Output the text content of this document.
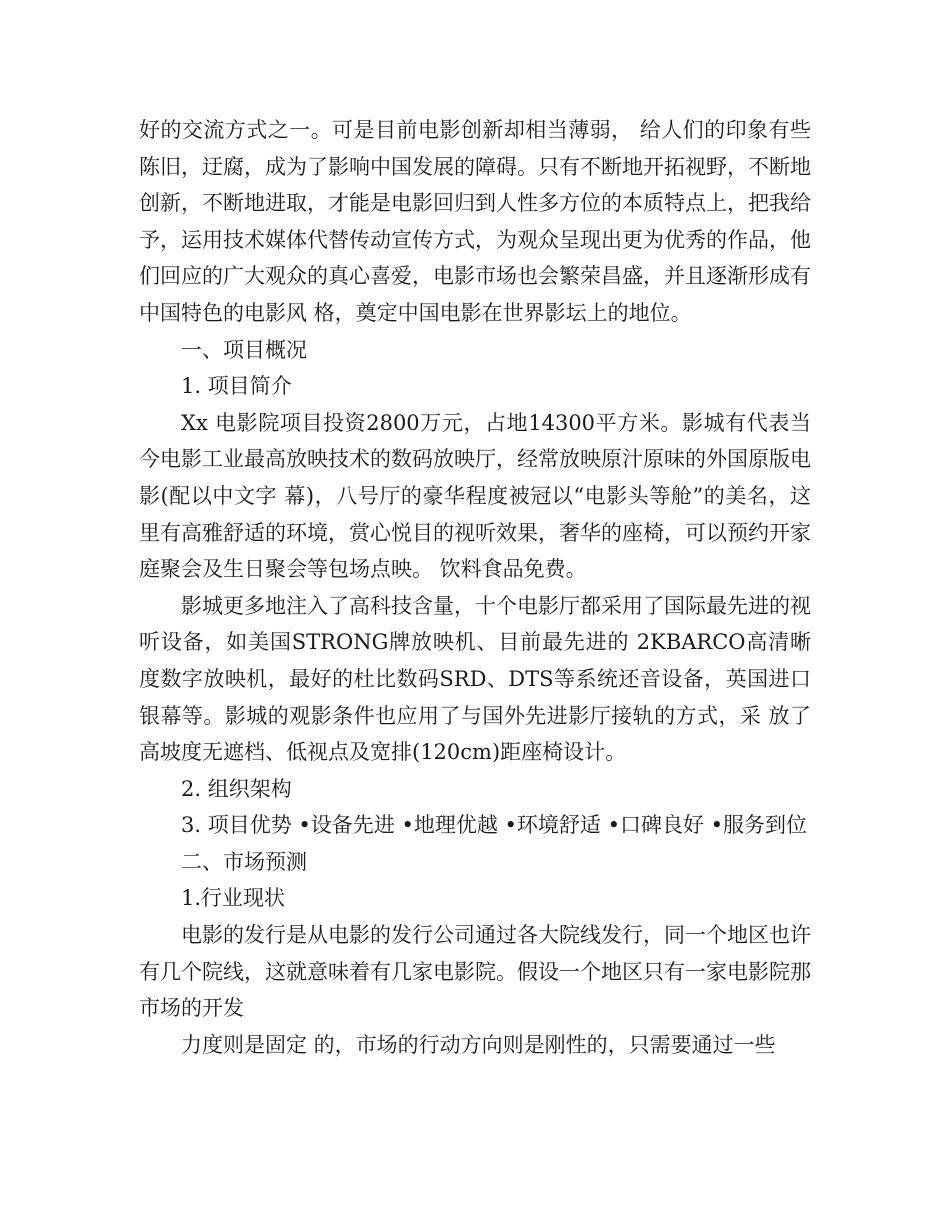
好的交流方式之一。可是目前电影创新却相当薄弱， 给人们的印象有些陈旧，迂腐，成为了影响中国发展的障碍。只有不断地开拓视野，不断地创新，不断地进取，才能是电影回归到人性多方位的本质特点上，把我给 予，运用技术媒体代替传动宣传方式，为观众呈现出更为优秀的作品，他们回应的广大观众的真心喜爱，电影市场也会繁荣昌盛，并且逐渐形成有中国特色的电影风 格，奠定中国电影在世界影坛上的地位。

一、项目概况

1. 项目简介

Xx 电影院项目投资2800万元，占地14300平方米。影城有代表当今电影工业最高放映技术的数码放映厅，经常放映原汁原味的外国原版电影(配以中文字 幕)，八号厅的豪华程度被冠以“电影头等舱”的美名，这里有高雅舒适的环境，赏心悦目的视听效果，奢华的座椅，可以预约开家庭聚会及生日聚会等包场点映。 饮料食品免费。

影城更多地注入了高科技含量，十个电影厅都采用了国际最先进的视听设备，如美国STRONG牌放映机、目前最先进的 2KBARCO高清晰度数字放映机，最好的杜比数码SRD、DTS等系统还音设备，英国进口银幕等。影城的观影条件也应用了与国外先进影厅接轨的方式，采 放了高坡度无遮档、低视点及宽排(120cm)距座椅设计。

2. 组织架构

3. 项目优势 •设备先进 •地理优越 •环境舒适 •口碑良好 •服务到位

二、市场预测

1.行业现状

电影的发行是从电影的发行公司通过各大院线发行，同一个地区也许有几个院线，这就意味着有几家电影院。假设一个地区只有一家电影院那市场的开发

力度则是固定 的，市场的行动方向则是刚性的，只需要通过一些
